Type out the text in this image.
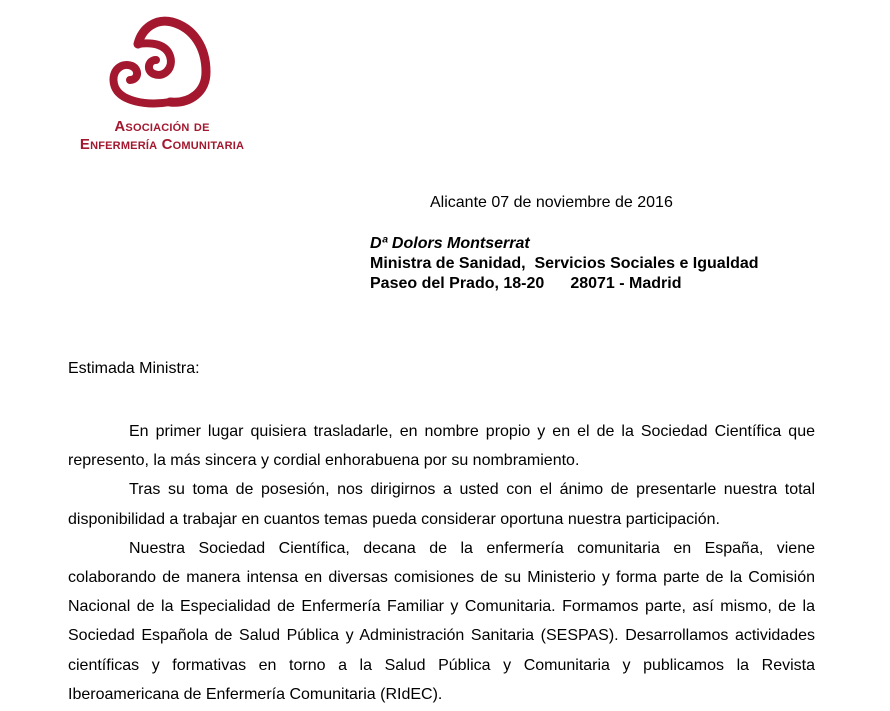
Asociación de
Enfermería Comunitaria
Alicante 07 de noviembre de 2016
Dª Dolors Montserrat
Ministra de Sanidad,  Servicios Sociales e Igualdad
Paseo del Prado, 18-20 28071 - Madrid
Estimada Ministra:

En primer lugar quisiera trasladarle, en nombre propio y en el de la Sociedad Científica que represento, la más sincera y cordial enhorabuena por su nombramiento.

Tras su toma de posesión, nos dirigirnos a usted con el ánimo de presentarle nuestra total disponibilidad a trabajar en cuantos temas pueda considerar oportuna nuestra participación.

Nuestra Sociedad Científica, decana de la enfermería comunitaria en España, viene colaborando de manera intensa en diversas comisiones de su Ministerio y forma parte de la Comisión Nacional de la Especialidad de Enfermería Familiar y Comunitaria. Formamos parte, así mismo, de la Sociedad Española de Salud Pública y Administración Sanitaria (SESPAS). Desarrollamos actividades científicas y formativas en torno a la Salud Pública y Comunitaria y publicamos la Revista Iberoamericana de Enfermería Comunitaria (RIdEC).
